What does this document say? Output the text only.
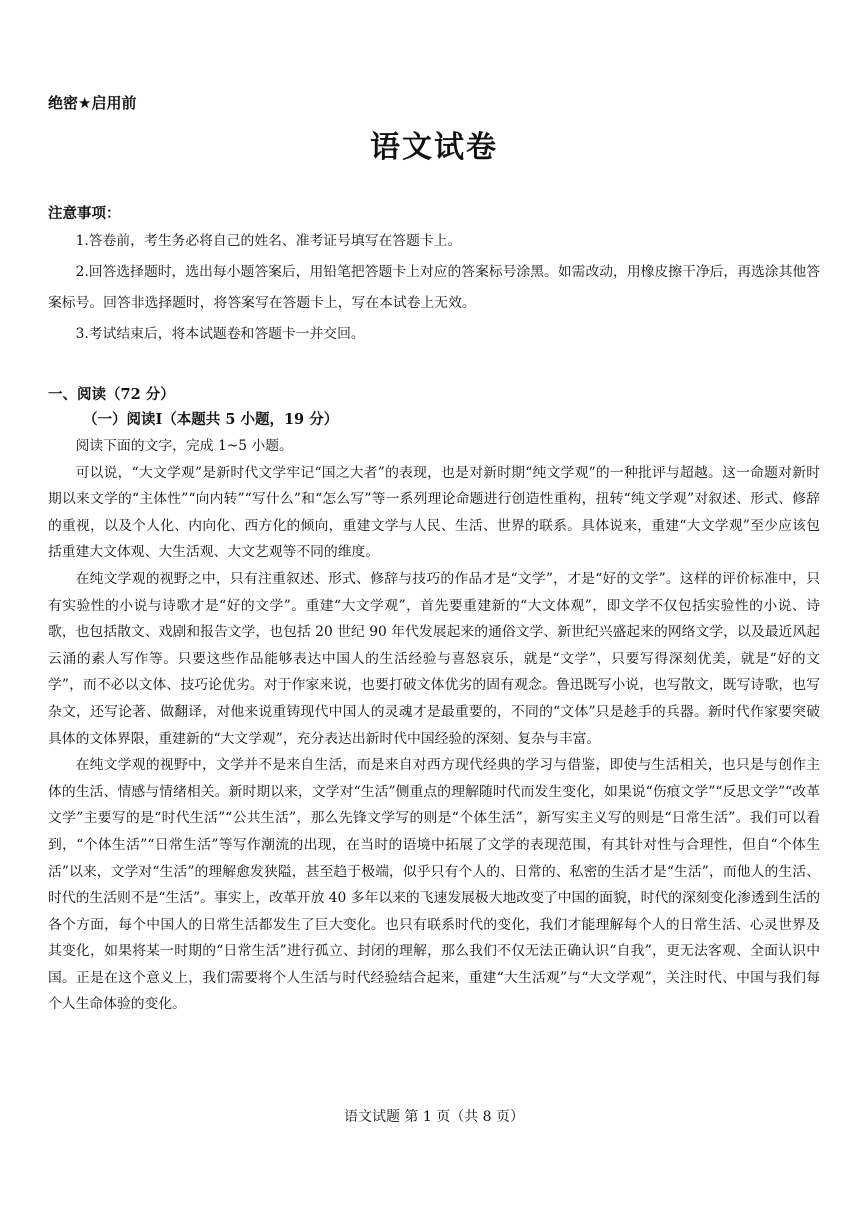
绝密★启用前
语文试卷
注意事项：

1.答卷前，考生务必将自己的姓名、准考证号填写在答题卡上。

2.回答选择题时，选出每小题答案后，用铅笔把答题卡上对应的答案标号涂黑。如需改动，用橡皮擦干净后，再选涂其他答案标号。回答非选择题时，将答案写在答题卡上，写在本试卷上无效。

3.考试结束后，将本试题卷和答题卡一并交回。

一、阅读（72 分）
（一）阅读Ⅰ（本题共 5 小题，19 分）

阅读下面的文字，完成 1~5 小题。

可以说，“大文学观”是新时代文学牢记“国之大者”的表现，也是对新时期“纯文学观”的一种批评与超越。这一命题对新时期以来文学的“主体性”“向内转”“写什么”和“怎么写”等一系列理论命题进行创造性重构，扭转“纯文学观”对叙述、形式、修辞的重视，以及个人化、内向化、西方化的倾向，重建文学与人民、生活、世界的联系。具体说来，重建“大文学观”至少应该包括重建大文体观、大生活观、大文艺观等不同的维度。

在纯文学观的视野之中，只有注重叙述、形式、修辞与技巧的作品才是“文学”，才是“好的文学”。这样的评价标准中，只有实验性的小说与诗歌才是“好的文学”。重建“大文学观”，首先要重建新的“大文体观”，即文学不仅包括实验性的小说、诗歌，也包括散文、戏剧和报告文学，也包括 20 世纪 90 年代发展起来的通俗文学、新世纪兴盛起来的网络文学，以及最近风起云涌的素人写作等。只要这些作品能够表达中国人的生活经验与喜怒哀乐，就是“文学”，只要写得深刻优美，就是“好的文学”，而不必以文体、技巧论优劣。对于作家来说，也要打破文体优劣的固有观念。鲁迅既写小说，也写散文，既写诗歌，也写杂文，还写论著、做翻译，对他来说重铸现代中国人的灵魂才是最重要的，不同的“文体”只是趁手的兵器。新时代作家要突破具体的文体界限，重建新的“大文学观”，充分表达出新时代中国经验的深刻、复杂与丰富。

在纯文学观的视野中，文学并不是来自生活，而是来自对西方现代经典的学习与借鉴，即使与生活相关，也只是与创作主体的生活、情感与情绪相关。新时期以来，文学对“生活”侧重点的理解随时代而发生变化，如果说“伤痕文学”“反思文学”“改革文学”主要写的是“时代生活”“公共生活”，那么先锋文学写的则是“个体生活”，新写实主义写的则是“日常生活”。我们可以看到，“个体生活”“日常生活”等写作潮流的出现，在当时的语境中拓展了文学的表现范围，有其针对性与合理性，但自“个体生活”以来，文学对“生活”的理解愈发狭隘，甚至趋于极端，似乎只有个人的、日常的、私密的生活才是“生活”，而他人的生活、时代的生活则不是“生活”。事实上，改革开放 40 多年以来的飞速发展极大地改变了中国的面貌，时代的深刻变化渗透到生活的各个方面，每个中国人的日常生活都发生了巨大变化。也只有联系时代的变化，我们才能理解每个人的日常生活、心灵世界及其变化，如果将某一时期的“日常生活”进行孤立、封闭的理解，那么我们不仅无法正确认识“自我”，更无法客观、全面认识中国。正是在这个意义上，我们需要将个人生活与时代经验结合起来，重建“大生活观”与“大文学观”，关注时代、中国与我们每个人生命体验的变化。

语文试题 第 1 页（共 8 页）
